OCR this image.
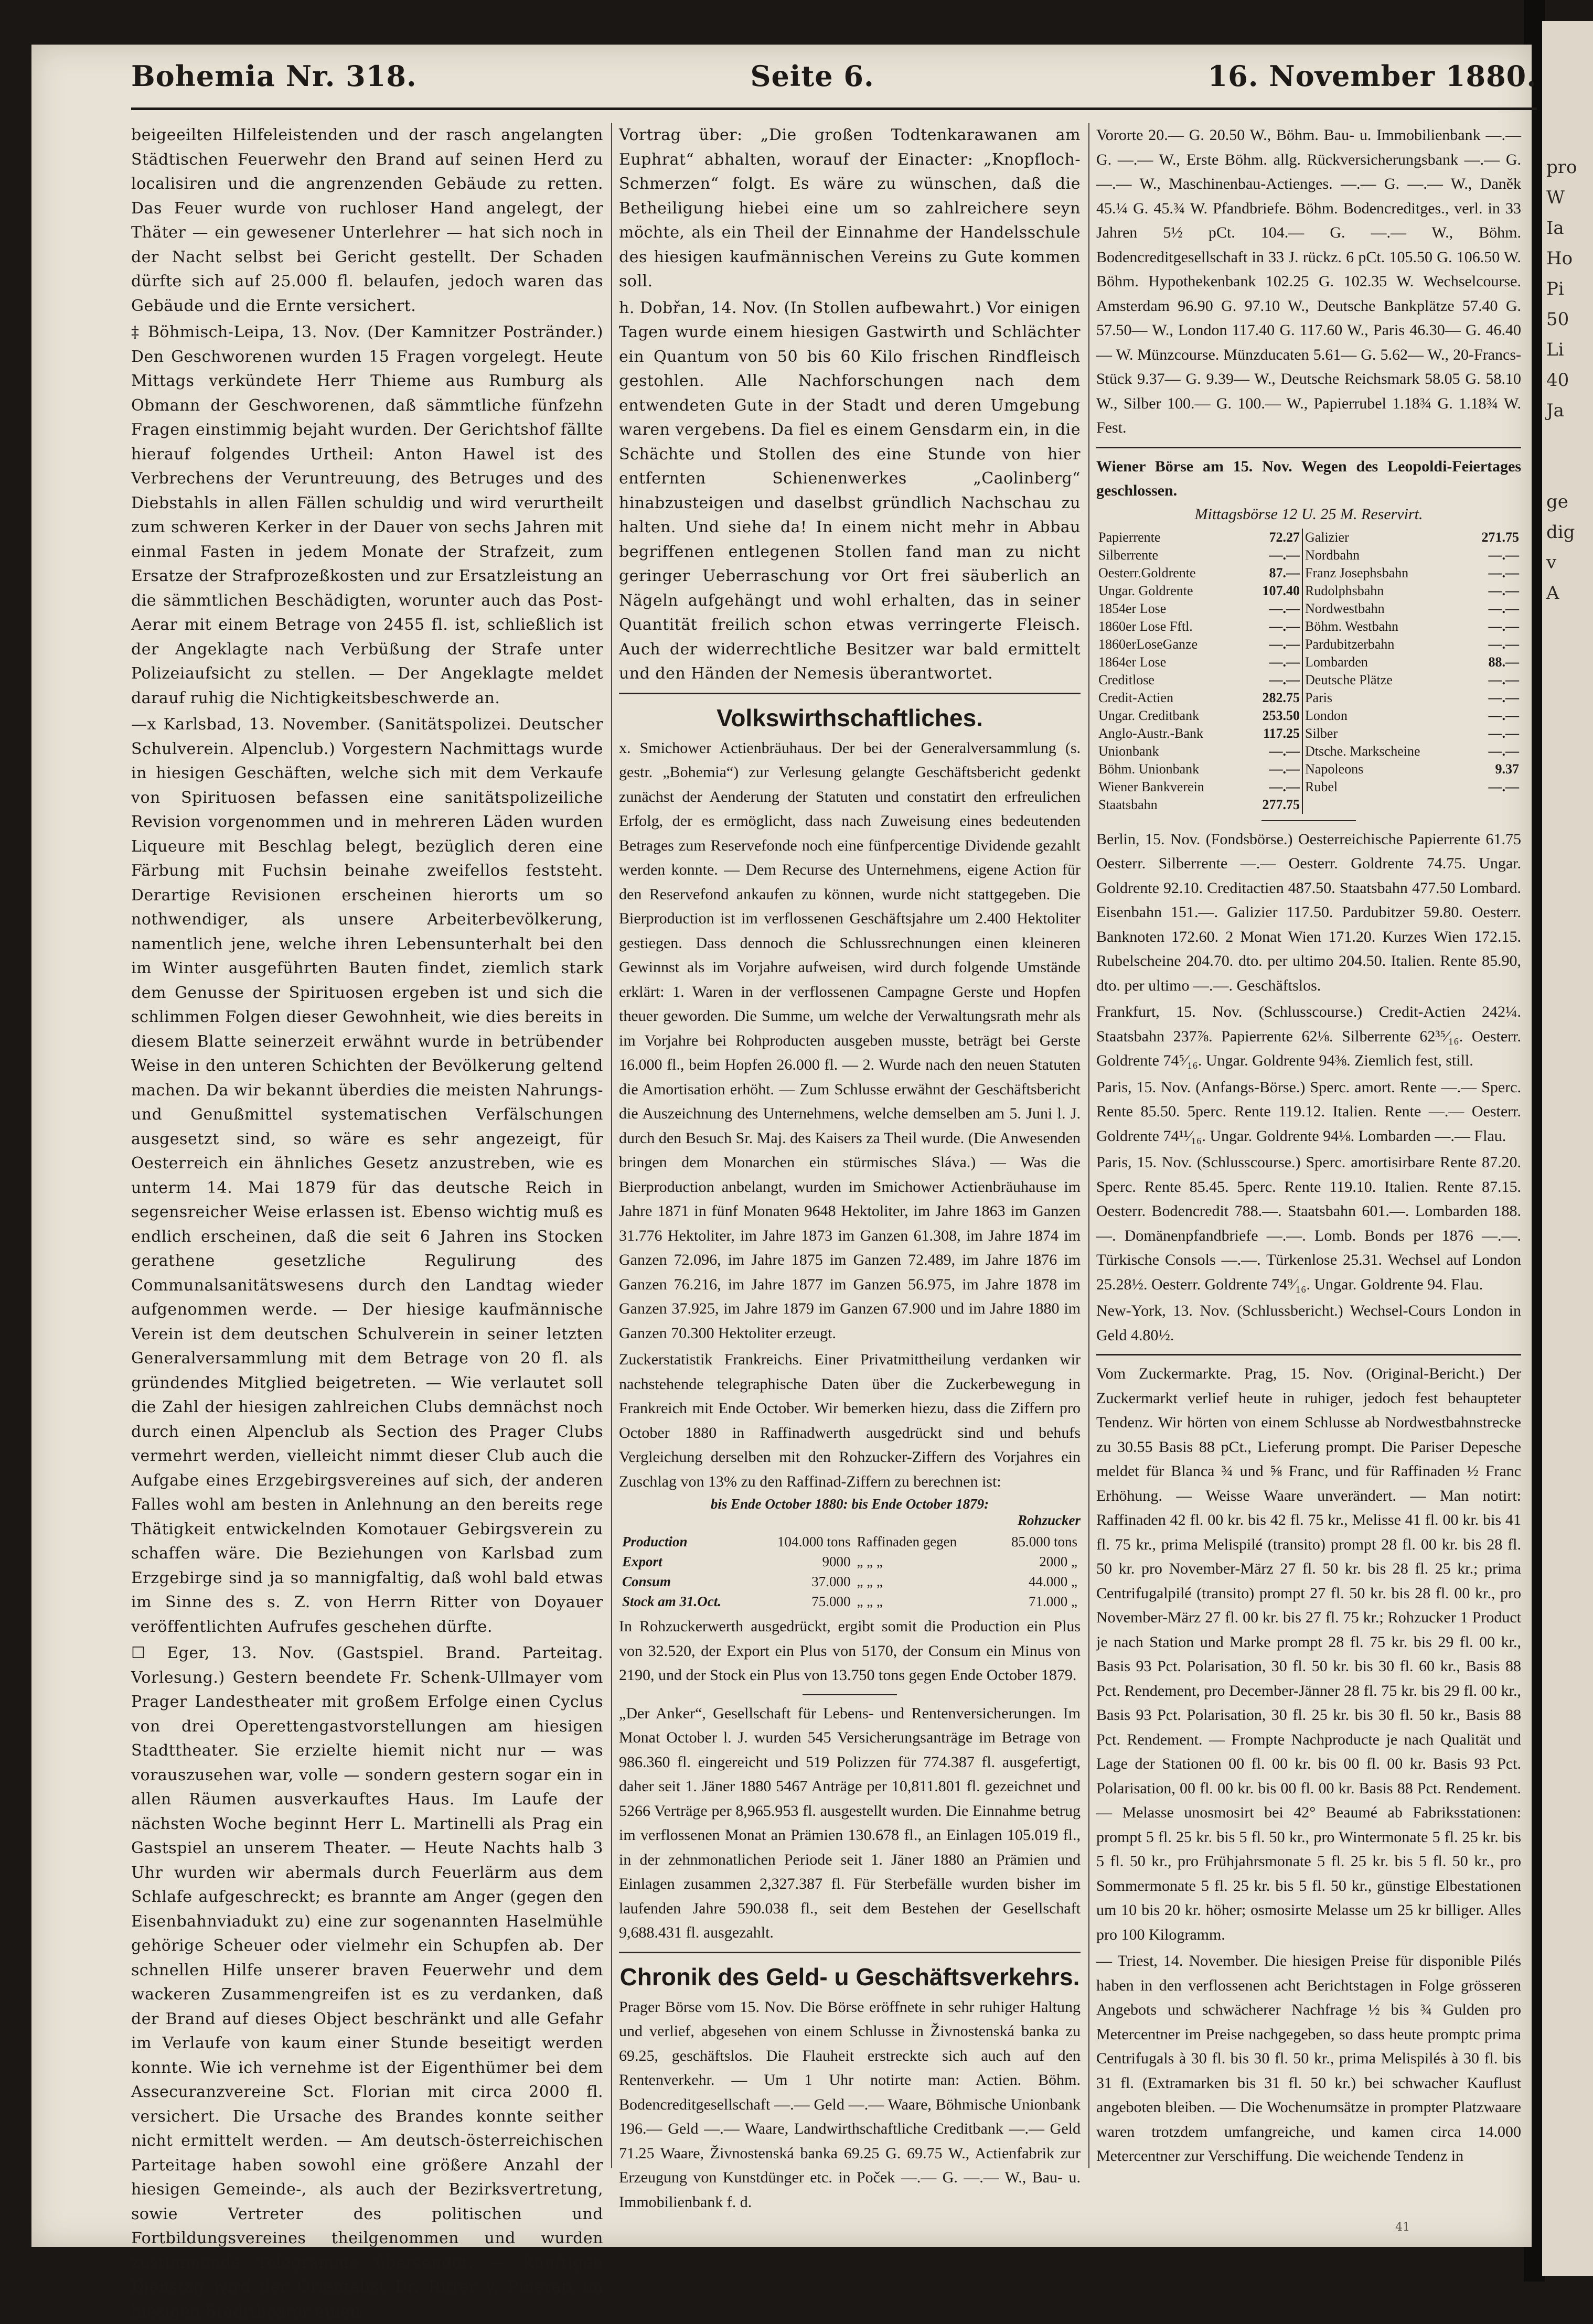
Bohemia Nr. 318.	Seite 6.	16. November 1880.

beigeeilten Hilfeleistenden und der rasch angelangten Städtischen Feuerwehr den Brand auf seinen Herd zu localisiren und die angrenzenden Gebäude zu retten. Das Feuer wurde von ruchloser Hand angelegt, der Thäter — ein gewesener Unterlehrer — hat sich noch in der Nacht selbst bei Gericht gestellt. Der Schaden dürfte sich auf 25.000 fl. belaufen, jedoch waren das Gebäude und die Ernte versichert.

‡ Böhmisch-Leipa, 13. Nov. (Der Kamnitzer Postränder.) Den Geschworenen wurden 15 Fragen vorgelegt. Heute Mittags verkündete Herr Thieme aus Rumburg als Obmann der Geschworenen, daß sämmtliche fünfzehn Fragen einstimmig bejaht wurden. Der Gerichtshof fällte hierauf folgendes Urtheil: Anton Hawel ist des Verbrechens der Veruntreuung, des Betruges und des Diebstahls in allen Fällen schuldig und wird verurtheilt zum schweren Kerker in der Dauer von sechs Jahren mit einmal Fasten in jedem Monate der Strafzeit, zum Ersatze der Strafprozeßkosten und zur Ersatzleistung an die sämmtlichen Beschädigten, worunter auch das Post-Aerar mit einem Betrage von 2455 fl. ist, schließlich ist der Angeklagte nach Verbüßung der Strafe unter Polizeiaufsicht zu stellen. — Der Angeklagte meldet darauf ruhig die Nichtigkeitsbeschwerde an.

—x Karlsbad, 13. November. (Sanitätspolizei. Deutscher Schulverein. Alpenclub.) Vorgestern Nachmittags wurde in hiesigen Geschäften, welche sich mit dem Verkaufe von Spirituosen befassen eine sanitätspolizeiliche Revision vorgenommen und in mehreren Läden wurden Liqueure mit Beschlag belegt, bezüglich deren eine Färbung mit Fuchsin beinahe zweifellos feststeht. Derartige Revisionen erscheinen hierorts um so nothwendiger, als unsere Arbeiterbevölkerung, namentlich jene, welche ihren Lebensunterhalt bei den im Winter ausgeführten Bauten findet, ziemlich stark dem Genusse der Spirituosen ergeben ist und sich die schlimmen Folgen dieser Gewohnheit, wie dies bereits in diesem Blatte seinerzeit erwähnt wurde in betrübender Weise in den unteren Schichten der Bevölkerung geltend machen. Da wir bekannt überdies die meisten Nahrungs- und Genußmittel systematischen Verfälschungen ausgesetzt sind, so wäre es sehr angezeigt, für Oesterreich ein ähnliches Gesetz anzustreben, wie es unterm 14. Mai 1879 für das deutsche Reich in segensreicher Weise erlassen ist. Ebenso wichtig muß es endlich erscheinen, daß die seit 6 Jahren ins Stocken gerathene gesetzliche Regulirung des Communalsanitätswesens durch den Landtag wieder aufgenommen werde. — Der hiesige kaufmännische Verein ist dem deutschen Schulverein in seiner letzten Generalversammlung mit dem Betrage von 20 fl. als gründendes Mitglied beigetreten. — Wie verlautet soll die Zahl der hiesigen zahlreichen Clubs demnächst noch durch einen Alpenclub als Section des Prager Clubs vermehrt werden, vielleicht nimmt dieser Club auch die Aufgabe eines Erzgebirgsvereines auf sich, der anderen Falles wohl am besten in Anlehnung an den bereits rege Thätigkeit entwickelnden Komotauer Gebirgsverein zu schaffen wäre. Die Beziehungen von Karlsbad zum Erzgebirge sind ja so mannigfaltig, daß wohl bald etwas im Sinne des s. Z. von Herrn Ritter von Doyauer veröffentlichten Aufrufes geschehen dürfte.

☐ Eger, 13. Nov. (Gastspiel. Brand. Parteitag. Vorlesung.) Gestern beendete Fr. Schenk-Ullmayer vom Prager Landestheater mit großem Erfolge einen Cyclus von drei Operettengastvorstellungen am hiesigen Stadttheater. Sie erzielte hiemit nicht nur — was vorauszusehen war, volle — sondern gestern sogar ein in allen Räumen ausverkauftes Haus. Im Laufe der nächsten Woche beginnt Herr L. Martinelli als Prag ein Gastspiel an unserem Theater. — Heute Nachts halb 3 Uhr wurden wir abermals durch Feuerlärm aus dem Schlafe aufgeschreckt; es brannte am Anger (gegen den Eisenbahnviadukt zu) eine zur sogenannten Haselmühle gehörige Scheuer oder vielmehr ein Schupfen ab. Der schnellen Hilfe unserer braven Feuerwehr und dem wackeren Zusammengreifen ist es zu verdanken, daß der Brand auf dieses Object beschränkt und alle Gefahr im Verlaufe von kaum einer Stunde beseitigt werden konnte. Wie ich vernehme ist der Eigenthümer bei dem Assecuranzvereine Sct. Florian mit circa 2000 fl. versichert. Die Ursache des Brandes konnte seither nicht ermittelt werden. — Am deutsch-österreichischen Parteitage haben sowohl eine größere Anzahl der hiesigen Gemeinde-, als auch der Bezirksvertretung, sowie Vertreter des politischen und Fortbildungsvereines theilgenommen und wurden zustimmende Telegramme übersendet. — Künftigen Dienstag wird der Orientalist Dr. Ritter v. Pinerati im hiesigen Stadttheater einen

Vortrag über: „Die großen Todtenkarawanen am Euphrat“ abhalten, worauf der Einacter: „Knopfloch-Schmerzen“ folgt. Es wäre zu wünschen, daß die Betheiligung hiebei eine um so zahlreichere seyn möchte, als ein Theil der Einnahme der Handelsschule des hiesigen kaufmännischen Vereins zu Gute kommen soll.

h. Dobřan, 14. Nov. (In Stollen aufbewahrt.) Vor einigen Tagen wurde einem hiesigen Gastwirth und Schlächter ein Quantum von 50 bis 60 Kilo frischen Rindfleisch gestohlen. Alle Nachforschungen nach dem entwendeten Gute in der Stadt und deren Umgebung waren vergebens. Da fiel es einem Gensdarm ein, in die Schächte und Stollen des eine Stunde von hier entfernten Schienenwerkes „Caolinberg“ hinabzusteigen und daselbst gründlich Nachschau zu halten. Und siehe da! In einem nicht mehr in Abbau begriffenen entlegenen Stollen fand man zu nicht geringer Ueberraschung vor Ort frei säuberlich an Nägeln aufgehängt und wohl erhalten, das in seiner Quantität freilich schon etwas verringerte Fleisch. Auch der widerrechtliche Besitzer war bald ermittelt und den Händen der Nemesis überantwortet.

Volkswirthschaftliches.

x. Smichower Actienbräuhaus. Der bei der Generalversammlung (s. gestr. „Bohemia“) zur Verlesung gelangte Geschäftsbericht gedenkt zunächst der Aenderung der Statuten und constatirt den erfreulichen Erfolg, der es ermöglicht, dass nach Zuweisung eines bedeutenden Betrages zum Reservefonde noch eine fünfpercentige Dividende gezahlt werden konnte. — Dem Recurse des Unternehmens, eigene Action für den Reservefond ankaufen zu können, wurde nicht stattgegeben. Die Bierproduction ist im verflossenen Geschäftsjahre um 2.400 Hektoliter gestiegen. Dass dennoch die Schlussrechnungen einen kleineren Gewinnst als im Vorjahre aufweisen, wird durch folgende Umstände erklärt: 1. Waren in der verflossenen Campagne Gerste und Hopfen theuer geworden. Die Summe, um welche der Verwaltungsrath mehr als im Vorjahre bei Rohproducten ausgeben musste, beträgt bei Gerste 16.000 fl., beim Hopfen 26.000 fl. — 2. Wurde nach den neuen Statuten die Amortisation erhöht. — Zum Schlusse erwähnt der Geschäftsbericht die Auszeichnung des Unternehmens, welche demselben am 5. Juni l. J. durch den Besuch Sr. Maj. des Kaisers za Theil wurde. (Die Anwesenden bringen dem Monarchen ein stürmisches Sláva.) — Was die Bierproduction anbelangt, wurden im Smichower Actienbräuhause im Jahre 1871 in fünf Monaten 9648 Hektoliter, im Jahre 1863 im Ganzen 31.776 Hektoliter, im Jahre 1873 im Ganzen 61.308, im Jahre 1874 im Ganzen 72.096, im Jahre 1875 im Ganzen 72.489, im Jahre 1876 im Ganzen 76.216, im Jahre 1877 im Ganzen 56.975, im Jahre 1878 im Ganzen 37.925, im Jahre 1879 im Ganzen 67.900 und im Jahre 1880 im Ganzen 70.300 Hektoliter erzeugt.

Zuckerstatistik Frankreichs. Einer Privatmittheilung verdanken wir nachstehende telegraphische Daten über die Zuckerbewegung in Frankreich mit Ende October. Wir bemerken hiezu, dass die Ziffern pro October 1880 in Raffinadwerth ausgedrückt sind und behufs Vergleichung derselben mit den Rohzucker-Ziffern des Vorjahres ein Zuschlag von 13% zu den Raffinad-Ziffern zu berechnen ist:

bis Ende October 1880: bis Ende October 1879:
Rohzucker
Production	104.000 tons	Raffinaden gegen	85.000 tons
Export	9000	„ „ „	2000 „
Consum	37.000	„ „ „	44.000 „
Stock am 31.Oct.	75.000	„ „ „	71.000 „

In Rohzuckerwerth ausgedrückt, ergibt somit die Production ein Plus von 32.520, der Export ein Plus von 5170, der Consum ein Minus von 2190, und der Stock ein Plus von 13.750 tons gegen Ende October 1879.

„Der Anker“, Gesellschaft für Lebens- und Rentenversicherungen. Im Monat October l. J. wurden 545 Versicherungsanträge im Betrage von 986.360 fl. eingereicht und 519 Polizzen für 774.387 fl. ausgefertigt, daher seit 1. Jäner 1880 5467 Anträge per 10,811.801 fl. gezeichnet und 5266 Verträge per 8,965.953 fl. ausgestellt wurden. Die Einnahme betrug im verflossenen Monat an Prämien 130.678 fl., an Einlagen 105.019 fl., in der zehnmonatlichen Periode seit 1. Jäner 1880 an Prämien und Einlagen zusammen 2,327.387 fl. Für Sterbefälle wurden bisher im laufenden Jahre 590.038 fl., seit dem Bestehen der Gesellschaft 9,688.431 fl. ausgezahlt.

Chronik des Geld- u Geschäftsverkehrs.

Prager Börse vom 15. Nov. Die Börse eröffnete in sehr ruhiger Haltung und verlief, abgesehen von einem Schlusse in Živnostenská banka zu 69.25, geschäftslos. Die Flauheit erstreckte sich auch auf den Rentenverkehr. — Um 1 Uhr notirte man: Actien. Böhm. Bodencreditgesellschaft —.— Geld —.— Waare, Böhmische Unionbank 196.— Geld —.— Waare, Landwirthschaftliche Creditbank —.— Geld 71.25 Waare, Živnostenská banka 69.25 G. 69.75 W., Actienfabrik zur Erzeugung von Kunstdünger etc. in Poček —.— G. —.— W., Bau- u. Immobilienbank f. d.

Vororte 20.— G. 20.50 W., Böhm. Bau- u. Immobilienbank —.— G. —.— W., Erste Böhm. allg. Rückversicherungsbank —.— G. —.— W., Maschinenbau-Actienges. —.— G. —.— W., Daněk 45.¼ G. 45.¾ W. Pfandbriefe. Böhm. Bodencreditges., verl. in 33 Jahren 5½ pCt. 104.— G. —.— W., Böhm. Bodencreditgesellschaft in 33 J. rückz. 6 pCt. 105.50 G. 106.50 W. Böhm. Hypothekenbank 102.25 G. 102.35 W. Wechselcourse. Amsterdam 96.90 G. 97.10 W., Deutsche Bankplätze 57.40 G. 57.50— W., London 117.40 G. 117.60 W., Paris 46.30— G. 46.40— W. Münzcourse. Münzducaten 5.61— G. 5.62— W., 20-Francs-Stück 9.37— G. 9.39— W., Deutsche Reichsmark 58.05 G. 58.10 W., Silber 100.— G. 100.— W., Papierrubel 1.18¾ G. 1.18¾ W. Fest.

Wiener Börse am 15. Nov. Wegen des Leopoldi-Feiertages geschlossen.

Mittagsbörse 12 U. 25 M. Reservirt.
Papierrente	72.27	Galizier	271.75
Silberrente	—.—	Nordbahn	—.—
Oesterr.Goldrente	87.—	Franz Josephsbahn	—.—
Ungar. Goldrente	107.40	Rudolphsbahn	—.—
1854er Lose	—.—	Nordwestbahn	—.—
1860er Lose Fftl.	—.—	Böhm. Westbahn	—.—
1860erLoseGanze	—.—	Pardubitzerbahn	—.—
1864er Lose	—.—	Lombarden	88.—
Creditlose	—.—	Deutsche Plätze	—.—
Credit-Actien	282.75	Paris	—.—
Ungar. Creditbank	253.50	London	—.—
Anglo-Austr.-Bank	117.25	Silber	—.—
Unionbank	—.—	Dtsche. Markscheine	—.—
Böhm. Unionbank	—.—	Napoleons	9.37
Wiener Bankverein	—.—	Rubel	—.—
Staatsbahn	277.75		

Berlin, 15. Nov. (Fondsbörse.) Oesterreichische Papierrente 61.75 Oesterr. Silberrente —.— Oesterr. Goldrente 74.75. Ungar. Goldrente 92.10. Creditactien 487.50. Staatsbahn 477.50 Lombard. Eisenbahn 151.—. Galizier 117.50. Pardubitzer 59.80. Oesterr. Banknoten 172.60. 2 Monat Wien 171.20. Kurzes Wien 172.15. Rubelscheine 204.70. dto. per ultimo 204.50. Italien. Rente 85.90, dto. per ultimo —.—. Geschäftslos.

Frankfurt, 15. Nov. (Schlusscourse.) Credit-Actien 242¼. Staatsbahn 237⅞. Papierrente 62⅛. Silberrente 62³⁵⁄₁₆. Oesterr. Goldrente 74⁵⁄₁₆. Ungar. Goldrente 94⅜. Ziemlich fest, still.

Paris, 15. Nov. (Anfangs-Börse.) Sperc. amort. Rente —.— Sperc. Rente 85.50. 5perc. Rente 119.12. Italien. Rente —.— Oesterr. Goldrente 74¹¹⁄₁₆. Ungar. Goldrente 94⅛. Lombarden —.— Flau.

Paris, 15. Nov. (Schlusscourse.) Sperc. amortisirbare Rente 87.20. Sperc. Rente 85.45. 5perc. Rente 119.10. Italien. Rente 87.15. Oesterr. Bodencredit 788.—. Staatsbahn 601.—. Lombarden 188.—. Domänenpfandbriefe —.—. Lomb. Bonds per 1876 —.—. Türkische Consols —.—. Türkenlose 25.31. Wechsel auf London 25.28½. Oesterr. Goldrente 74⁹⁄₁₆. Ungar. Goldrente 94. Flau.

New-York, 13. Nov. (Schlussbericht.) Wechsel-Cours London in Geld 4.80½.

Vom Zuckermarkte. Prag, 15. Nov. (Original-Bericht.) Der Zuckermarkt verlief heute in ruhiger, jedoch fest behaupteter Tendenz. Wir hörten von einem Schlusse ab Nordwestbahnstrecke zu 30.55 Basis 88 pCt., Lieferung prompt. Die Pariser Depesche meldet für Blanca ¾ und ⅝ Franc, und für Raffinaden ½ Franc Erhöhung. — Weisse Waare unverändert. — Man notirt: Raffinaden 42 fl. 00 kr. bis 42 fl. 75 kr., Melisse 41 fl. 00 kr. bis 41 fl. 75 kr., prima Melispilé (transito) prompt 28 fl. 00 kr. bis 28 fl. 50 kr. pro November-März 27 fl. 50 kr. bis 28 fl. 25 kr.; prima Centrifugalpilé (transito) prompt 27 fl. 50 kr. bis 28 fl. 00 kr., pro November-März 27 fl. 00 kr. bis 27 fl. 75 kr.; Rohzucker 1 Product je nach Station und Marke prompt 28 fl. 75 kr. bis 29 fl. 00 kr., Basis 93 Pct. Polarisation, 30 fl. 50 kr. bis 30 fl. 60 kr., Basis 88 Pct. Rendement, pro December-Jänner 28 fl. 75 kr. bis 29 fl. 00 kr., Basis 93 Pct. Polarisation, 30 fl. 25 kr. bis 30 fl. 50 kr., Basis 88 Pct. Rendement. — Frompte Nachproducte je nach Qualität und Lage der Stationen 00 fl. 00 kr. bis 00 fl. 00 kr. Basis 93 Pct. Polarisation, 00 fl. 00 kr. bis 00 fl. 00 kr. Basis 88 Pct. Rendement. — Melasse unosmosirt bei 42° Beaumé ab Fabriksstationen: prompt 5 fl. 25 kr. bis 5 fl. 50 kr., pro Wintermonate 5 fl. 25 kr. bis 5 fl. 50 kr., pro Frühjahrsmonate 5 fl. 25 kr. bis 5 fl. 50 kr., pro Sommermonate 5 fl. 25 kr. bis 5 fl. 50 kr., günstige Elbestationen um 10 bis 20 kr. höher; osmosirte Melasse um 25 kr billiger. Alles pro 100 Kilogramm.

— Triest, 14. November. Die hiesigen Preise für disponible Pilés haben in den verflossenen acht Berichtstagen in Folge grösseren Angebots und schwächerer Nachfrage ½ bis ¾ Gulden pro Metercentner im Preise nachgegeben, so dass heute promptc prima Centrifugals à 30 fl. bis 30 fl. 50 kr., prima Melispilés à 30 fl. bis 31 fl. (Extramarken bis 31 fl. 50 kr.) bei schwacher Kauflust angeboten bleiben. — Die Wochenumsätze in prompter Platzwaare waren trotzdem umfangreiche, und kamen circa 14.000 Metercentner zur Verschiffung. Die weichende Tendenz in

41
pro
W
Ia
Ho
Pi
50
Li
40
Ja
ge
dig
v
A
